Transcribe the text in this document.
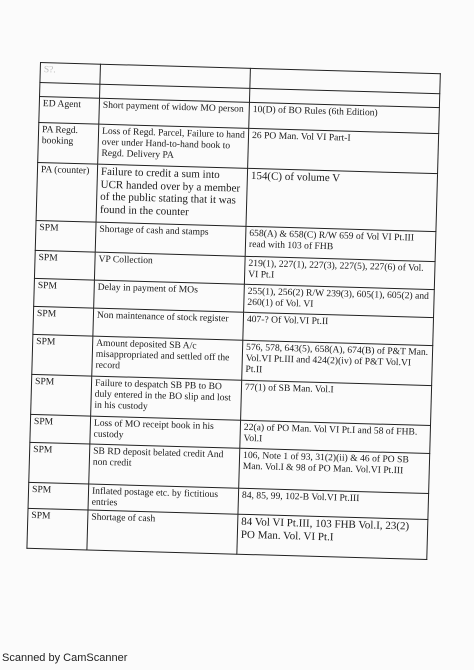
S?.		

ED Agent	Short payment of widow MO person	10(D) of BO Rules (6th Edition)
PA Regd. booking	Loss of Regd. Parcel, Failure to hand over under Hand-to-hand book to Regd. Delivery PA	26 PO Man. Vol VI Part-I
PA (counter)	Failure to credit a sum into UCR handed over by a member of the public stating that it was found in the counter	154(C) of volume V
SPM	Shortage of cash and stamps	658(A) & 658(C) R/W 659 of Vol VI Pt.III read with 103 of FHB
SPM	VP Collection	219(1), 227(1), 227(3), 227(5), 227(6) of Vol. VI Pt.I
SPM	Delay in payment of MOs	255(1), 256(2) R/W 239(3), 605(1), 605(2) and 260(1) of Vol. VI
SPM	Non maintenance of stock register	407-? Of Vol.VI Pt.II
SPM	Amount deposited SB A/c misappropriated and settled off the record	576, 578, 643(5), 658(A), 674(B) of P&T Man. Vol.VI Pt.III and 424(2)(iv) of P&T Vol.VI Pt.II
SPM	Failure to despatch SB PB to BO duly entered in the BO slip and lost in his custody	77(1) of SB Man. Vol.I
SPM	Loss of MO receipt book in his custody	22(a) of PO Man. Vol VI Pt.I and 58 of FHB. Vol.I
SPM	SB RD deposit belated credit And non credit	106, Note 1 of 93, 31(2)(ii) & 46 of PO SB Man. Vol.I & 98 of PO Man. Vol.VI Pt.III
SPM	Inflated postage etc. by fictitious entries	84, 85, 99, 102-B Vol.VI Pt.III
SPM	Shortage of cash	84 Vol VI Pt.III, 103 FHB Vol.I, 23(2) PO Man. Vol. VI Pt.I
Scanned by CamScanner
